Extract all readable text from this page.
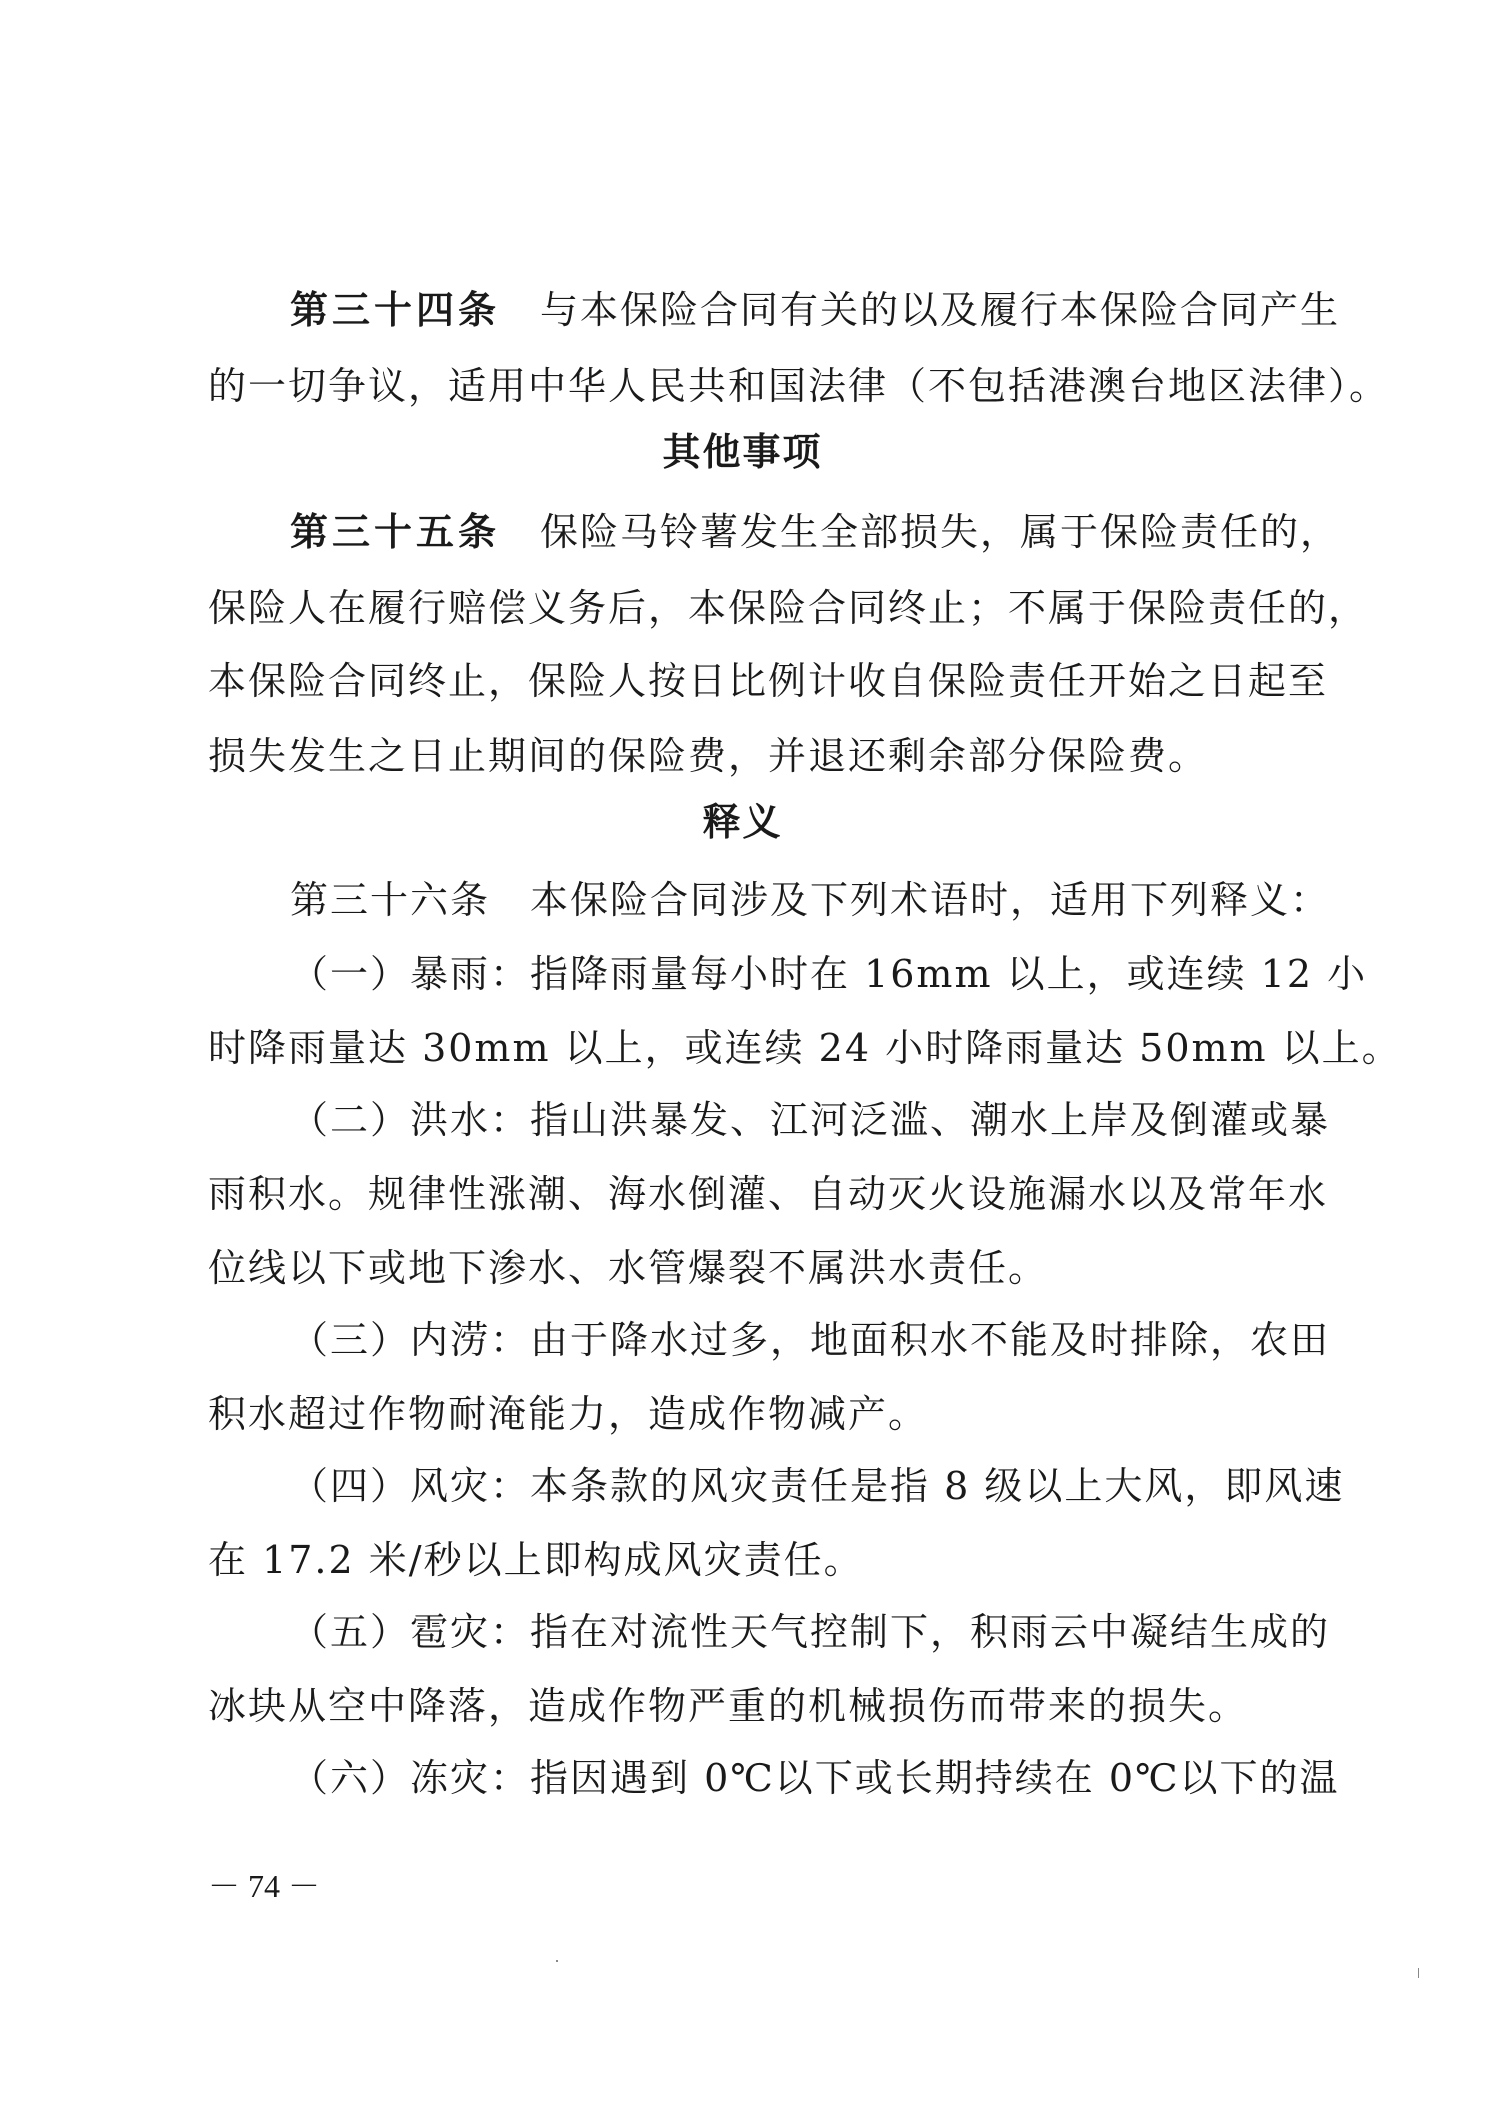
第三十四条  与本保险合同有关的以及履行本保险合同产生
的一切争议，适用中华人民共和国法律（不包括港澳台地区法律）。
其他事项
第三十五条  保险马铃薯发生全部损失，属于保险责任的，
保险人在履行赔偿义务后，本保险合同终止；不属于保险责任的，
本保险合同终止，保险人按日比例计收自保险责任开始之日起至
损失发生之日止期间的保险费，并退还剩余部分保险费。
释义
第三十六条  本保险合同涉及下列术语时，适用下列释义：
（一）暴雨：指降雨量每小时在 16mm 以上，或连续 12 小
时降雨量达 30mm 以上，或连续 24 小时降雨量达 50mm 以上。
（二）洪水：指山洪暴发、江河泛滥、潮水上岸及倒灌或暴
雨积水。规律性涨潮、海水倒灌、自动灭火设施漏水以及常年水
位线以下或地下渗水、水管爆裂不属洪水责任。
（三）内涝：由于降水过多，地面积水不能及时排除，农田
积水超过作物耐淹能力，造成作物减产。
（四）风灾：本条款的风灾责任是指 8 级以上大风，即风速
在 17.2 米/秒以上即构成风灾责任。
（五）雹灾：指在对流性天气控制下，积雨云中凝结生成的
冰块从空中降落，造成作物严重的机械损伤而带来的损失。
（六）冻灾：指因遇到 0℃以下或长期持续在 0℃以下的温
－ 74 －
